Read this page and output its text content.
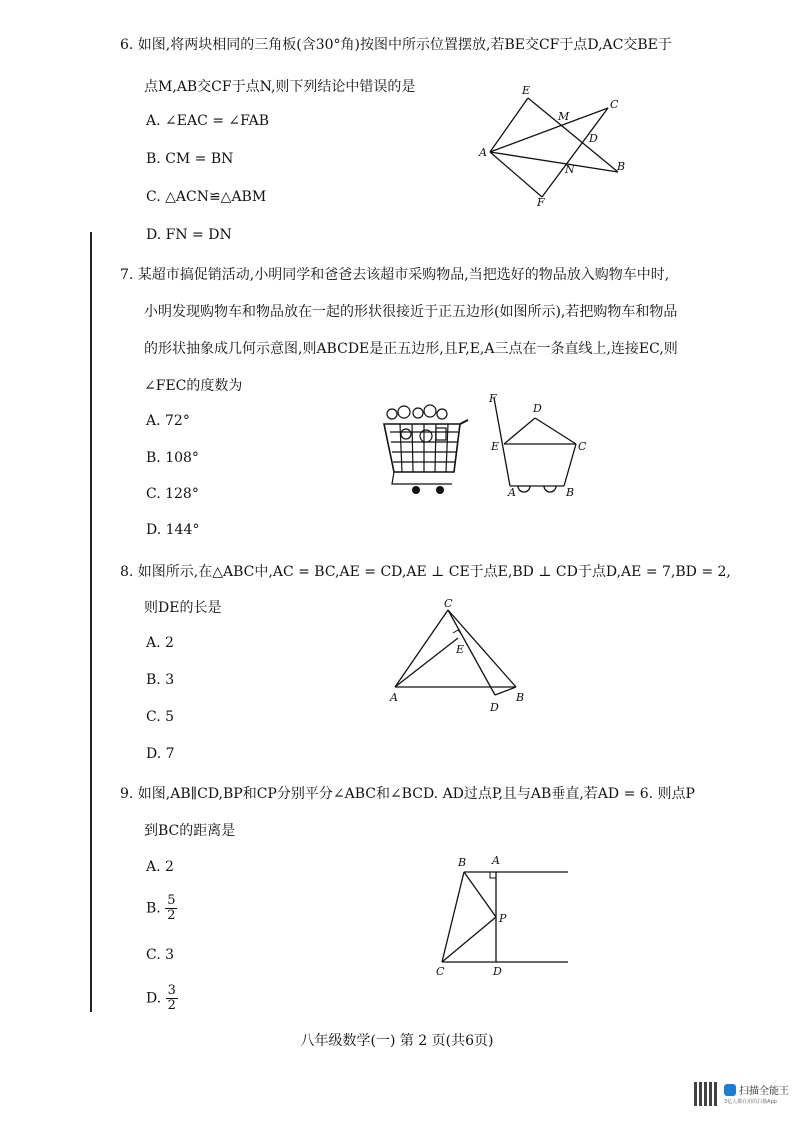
6. 如图,将两块相同的三角板(含30°角)按图中所示位置摆放,若BE交CF于点D,AC交BE于
点M,AB交CF于点N,则下列结论中错误的是
A. ∠EAC = ∠FAB
B. CM = BN
C. △ACN≌△ABM
D. FN = DN
E
M
C
D
A
N	B
F
7. 某超市搞促销活动,小明同学和爸爸去该超市采购物品,当把选好的物品放入购物车中时,
小明发现购物车和物品放在一起的形状很接近于正五边形(如图所示),若把购物车和物品
的形状抽象成几何示意图,则ABCDE是正五边形,且F,E,A三点在一条直线上,连接EC,则
∠FEC的度数为
A. 72°
B. 108°
C. 128°
D. 144°
F
D
E	C
A	B
8. 如图所示,在△ABC中,AC = BC,AE = CD,AE ⊥ CE于点E,BD ⊥ CD于点D,AE = 7,BD = 2,
则DE的长是
A. 2
B. 3
C. 5
D. 7
C
E
A
D
B
9. 如图,AB∥CD,BP和CP分别平分∠ABC和∠BCD. AD过点P,且与AB垂直,若AD = 6. 则点P
到BC的距离是
A. 2
B. $\frac{5}{2}$
C. 3
D. $\frac{3}{2}$
B A
P
C	D
八年级数学(一) 第 2 页(共6页)
扫描全能王
3亿人都在用的扫描App
